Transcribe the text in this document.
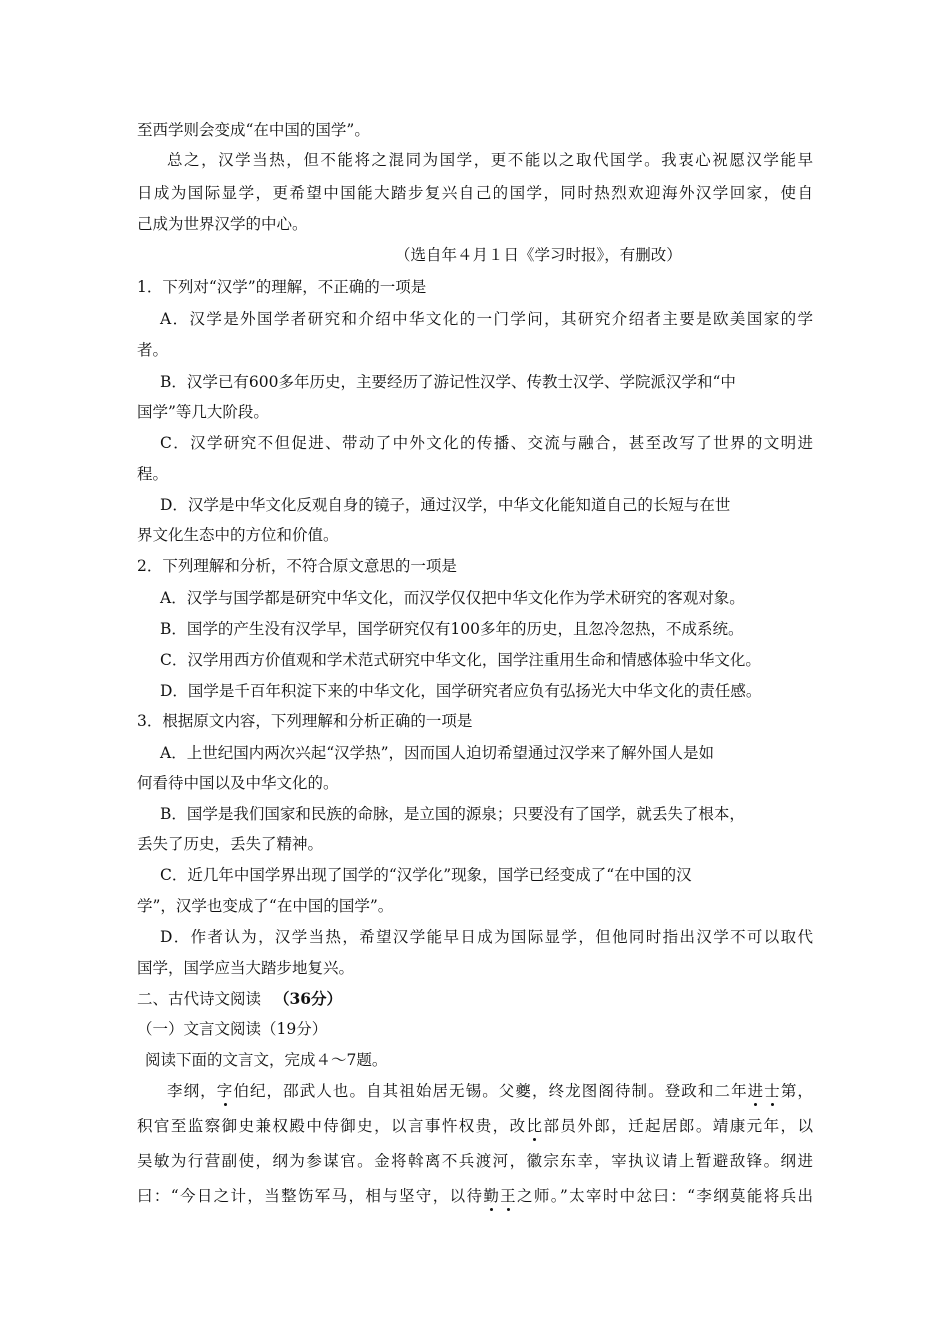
至西学则会变成“在中国的国学”。
总之，汉学当热，但不能将之混同为国学，更不能以之取代国学。我衷心祝愿汉学能早
日成为国际显学，更希望中国能大踏步复兴自己的国学，同时热烈欢迎海外汉学回家，使自
己成为世界汉学的中心。
（选自年４月１日《学习时报》，有删改）
1．下列对“汉学”的理解，不正确的一项是
A．汉学是外国学者研究和介绍中华文化的一门学问，其研究介绍者主要是欧美国家的学
者。
B．汉学已有600多年历史，主要经历了游记性汉学、传教士汉学、学院派汉学和“中
国学”等几大阶段。
C．汉学研究不但促进、带动了中外文化的传播、交流与融合，甚至改写了世界的文明进
程。
D．汉学是中华文化反观自身的镜子，通过汉学，中华文化能知道自己的长短与在世
界文化生态中的方位和价值。
2．下列理解和分析，不符合原文意思的一项是
A．汉学与国学都是研究中华文化，而汉学仅仅把中华文化作为学术研究的客观对象。
B．国学的产生没有汉学早，国学研究仅有100多年的历史，且忽冷忽热，不成系统。
C．汉学用西方价值观和学术范式研究中华文化，国学注重用生命和情感体验中华文化。
D．国学是千百年积淀下来的中华文化，国学研究者应负有弘扬光大中华文化的责任感。
3．根据原文内容，下列理解和分析正确的一项是
A．上世纪国内两次兴起“汉学热”，因而国人迫切希望通过汉学来了解外国人是如
何看待中国以及中华文化的。
B．国学是我们国家和民族的命脉，是立国的源泉；只要没有了国学，就丢失了根本，
丢失了历史，丢失了精神。
C．近几年中国学界出现了国学的“汉学化”现象，国学已经变成了“在中国的汉
学”，汉学也变成了“在中国的国学”。
D．作者认为，汉学当热，希望汉学能早日成为国际显学，但他同时指出汉学不可以取代
国学，国学应当大踏步地复兴。
二、古代诗文阅读 （36分）
（一）文言文阅读（19分）
阅读下面的文言文，完成４～7题。
李纲，字伯纪，邵武人也。自其祖始居无锡。父夔，终龙图阁待制。登政和二年进士第，
积官至监察御史兼权殿中侍御史，以言事忤权贵，改比部员外郎，迁起居郎。靖康元年，以
吴敏为行营副使，纲为参谋官。金将斡离不兵渡河，徽宗东幸，宰执议请上暂避敌锋。纲进
曰：“今日之计，当整饬军马，相与坚守，以待勤王之师。”太宰时中忿曰：“李纲莫能将兵出
